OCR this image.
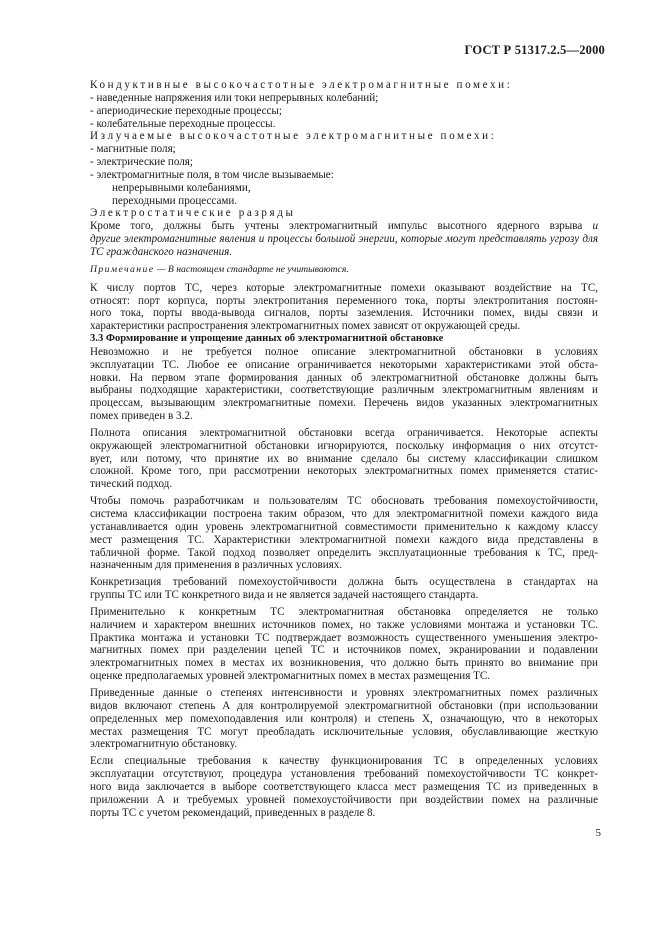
ГОСТ Р 51317.2.5—2000
Кондуктивные высокочастотные электромагнитные помехи:
- наведенные напряжения или токи непрерывных колебаний;
- апериодические переходные процессы;
- колебательные переходные процессы.
Излучаемые высокочастотные электромагнитные помехи:
- магнитные поля;
- электрические поля;
- электромагнитные поля, в том числе вызываемые:
непрерывными колебаниями,
переходными процессами.
Электростатические разряды
Кроме того, должны быть учтены электромагнитный импульс высотного ядерного взрыва и
другие электромагнитные явления и процессы большой энергии, которые могут представлять угрозу для
ТС гражданского назначения.
Примечание — В настоящем стандарте не учитываются.
К числу портов ТС, через которые электромагнитные помехи оказывают воздействие на ТС,
относят: порт корпуса, порты электропитания переменного тока, порты электропитания постоян-
ного тока, порты ввода-вывода сигналов, порты заземления. Источники помех, виды связи и
характеристики распространения электромагнитных помех зависят от окружающей среды.
3.3 Формирование и упрощение данных об электромагнитной обстановке
Невозможно и не требуется полное описание электромагнитной обстановки в условиях
эксплуатации ТС. Любое ее описание ограничивается некоторыми характеристиками этой обста-
новки. На первом этапе формирования данных об электромагнитной обстановке должны быть
выбраны подходящие характеристики, соответствующие различным электромагнитным явлениям и
процессам, вызывающим электромагнитные помехи. Перечень видов указанных электромагнитных
помех приведен в 3.2.
Полнота описания электромагнитной обстановки всегда ограничивается. Некоторые аспекты
окружающей электромагнитной обстановки игнорируются, поскольку информация о них отсутст-
вует, или потому, что принятие их во внимание сделало бы систему классификации слишком
сложной. Кроме того, при рассмотрении некоторых электромагнитных помех применяется статис-
тический подход.
Чтобы помочь разработчикам и пользователям ТС обосновать требования помехоустойчивости,
система классификации построена таким образом, что для электромагнитной помехи каждого вида
устанавливается один уровень электромагнитной совместимости применительно к каждому классу
мест размещения ТС. Характеристики электромагнитной помехи каждого вида представлены в
табличной форме. Такой подход позволяет определить эксплуатационные требования к ТС, пред-
назначенным для применения в различных условиях.
Конкретизация требований помехоустойчивости должна быть осуществлена в стандартах на
группы ТС или ТС конкретного вида и не является задачей настоящего стандарта.
Применительно к конкретным ТС электромагнитная обстановка определяется не только
наличием и характером внешних источников помех, но также условиями монтажа и установки ТС.
Практика монтажа и установки ТС подтверждает возможность существенного уменьшения электро-
магнитных помех при разделении цепей ТС и источников помех, экранировании и подавлении
электромагнитных помех в местах их возникновения, что должно быть принято во внимание при
оценке предполагаемых уровней электромагнитных помех в местах размещения ТС.
Приведенные данные о степенях интенсивности и уровнях электромагнитных помех различных
видов включают степень А для контролируемой электромагнитной обстановки (при использовании
определенных мер помехоподавления или контроля) и степень Х, означающую, что в некоторых
местах размещения ТС могут преобладать исключительные условия, обуславливающие жесткую
электромагнитную обстановку.
Если специальные требования к качеству функционирования ТС в определенных условиях
эксплуатации отсутствуют, процедура установления требований помехоустойчивости ТС конкрет-
ного вида заключается в выборе соответствующего класса мест размещения ТС из приведенных в
приложении А и требуемых уровней помехоустойчивости при воздействии помех на различные
порты ТС с учетом рекомендаций, приведенных в разделе 8.
5
